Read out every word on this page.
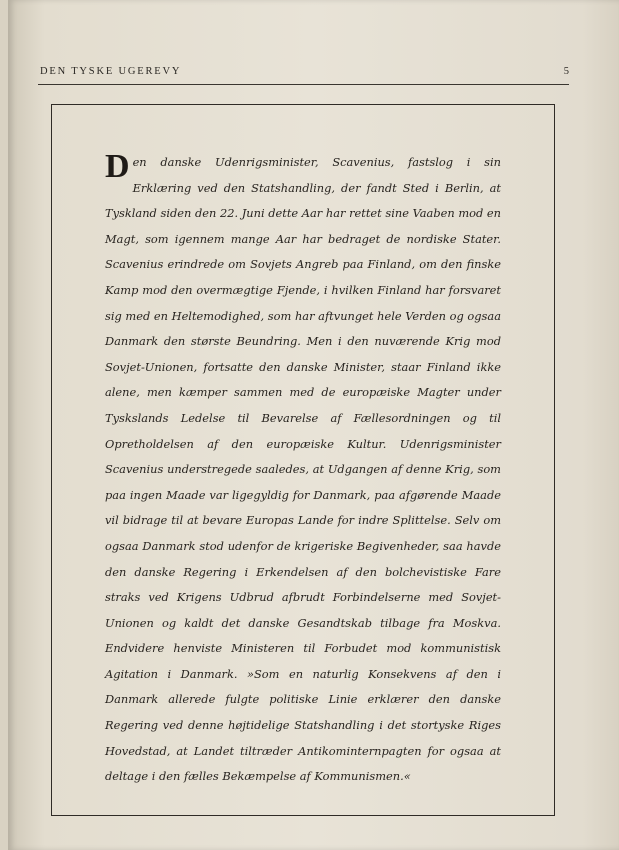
DEN TYSKE UGEREVY	5
Den danske Udenrigsminister, Scavenius, fastslog i sin Erklæring ved den Statshandling, der fandt Sted i Berlin, at Tyskland siden den 22. Juni dette Aar har rettet sine Vaaben mod en Magt, som igennem mange Aar har bedraget de nordiske Stater. Scavenius erindrede om Sovjets Angreb paa Finland, om den finske Kamp mod den overmægtige Fjende, i hvilken Finland har forsvaret sig med en Heltemodighed, som har aftvunget hele Verden og ogsaa Danmark den største Beundring. Men i den nuværende Krig mod Sovjet-Unionen, fortsatte den danske Minister, staar Finland ikke alene, men kæmper sammen med de europæiske Magter under Tyskslands Ledelse til Bevarelse af Fællesordningen og til Opretholdelsen af den europæiske Kultur. Udenrigsminister Scavenius understregede saaledes, at Udgangen af denne Krig, som paa ingen Maade var ligegyldig for Danmark, paa afgørende Maade vil bidrage til at bevare Europas Lande for indre Splittelse. Selv om ogsaa Danmark stod udenfor de krigeriske Begivenheder, saa havde den danske Regering i Erkendelsen af den bolchevistiske Fare straks ved Krigens Udbrud afbrudt Forbindelserne med Sovjet-Unionen og kaldt det danske Gesandtskab tilbage fra Moskva. Endvidere henviste Ministeren til Forbudet mod kommunistisk Agitation i Danmark. »Som en naturlig Konsekvens af den i Danmark allerede fulgte politiske Linie erklærer den danske Regering ved denne højtidelige Statshandling i det stortyske Riges Hovedstad, at Landet tiltræder Antikominternpagten for ogsaa at deltage i den fælles Bekæmpelse af Kommunismen.«
